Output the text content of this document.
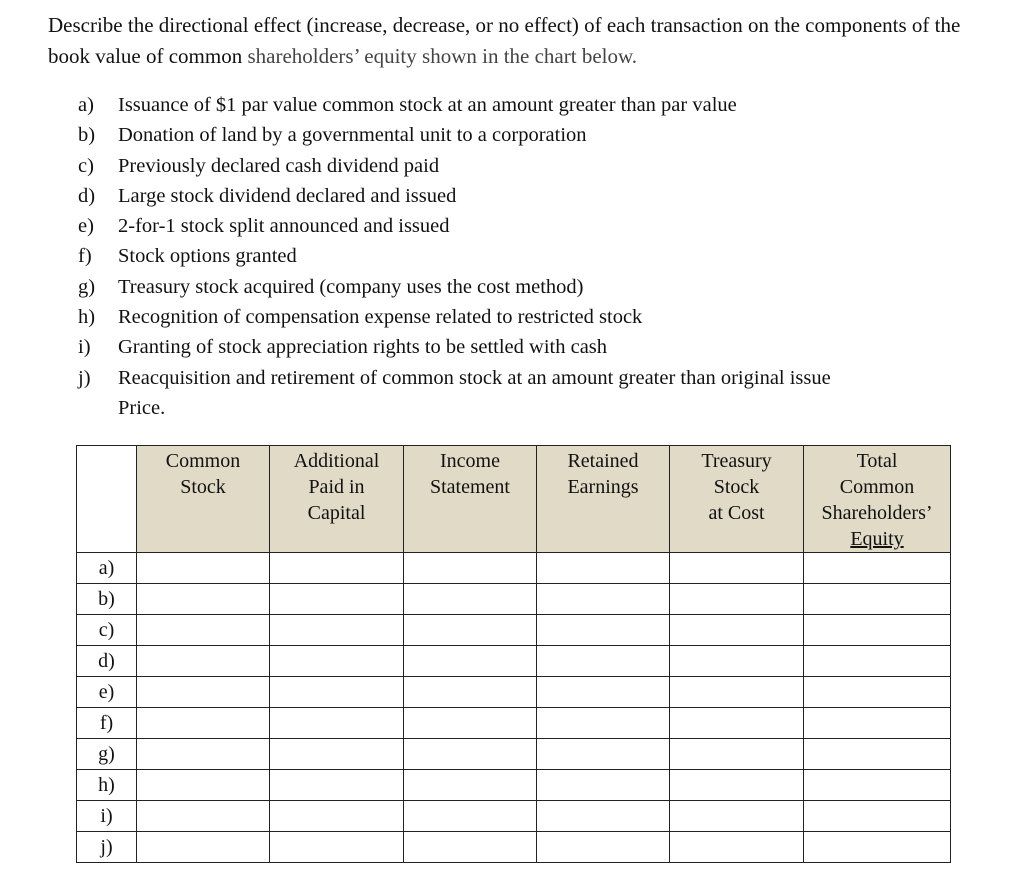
Describe the directional effect (increase, decrease, or no effect) of each transaction on the components of the book value of common shareholders’ equity shown in the chart below.

a) Issuance of $1 par value common stock at an amount greater than par value
b) Donation of land by a governmental unit to a corporation
c) Previously declared cash dividend paid
d) Large stock dividend declared and issued
e) 2-for-1 stock split announced and issued
f) Stock options granted
g) Treasury stock acquired (company uses the cost method)
h) Recognition of compensation expense related to restricted stock
i) Granting of stock appreciation rights to be settled with cash
j) Reacquisition and retirement of common stock at an amount greater than original issue
Price.

	Common
Stock	Additional
Paid in
Capital	Income
Statement	Retained
Earnings	Treasury
Stock
at Cost	Total
Common
Shareholders’
Equity

a)						
b)						
c)						
d)						
e)						
f)						
g)						
h)						
i)						
j)						
